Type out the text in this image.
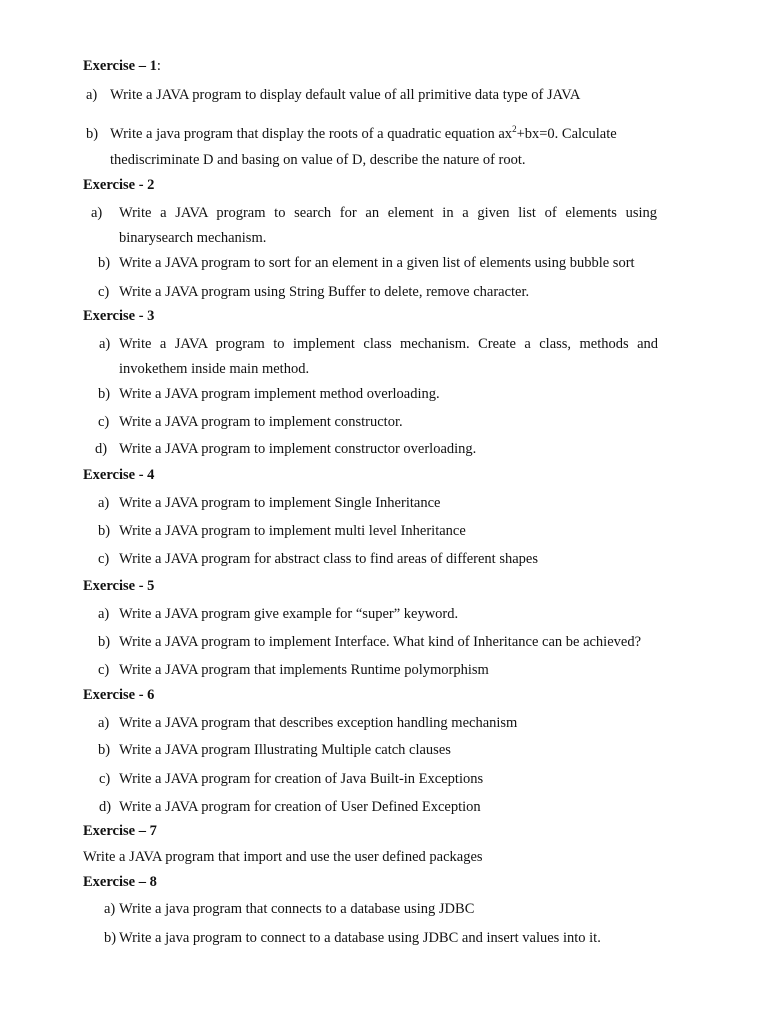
Exercise – 1:
a) Write a JAVA program to display default value of all primitive data type of JAVA
b) Write a java program that display the roots of a quadratic equation $ax^2+bx=0$. Calculate
thediscriminate D and basing on value of D, describe the nature of root.
Exercise - 2
a) Write a JAVA program to search for an element in a given list of elements using
binarysearch mechanism.
b) Write a JAVA program to sort for an element in a given list of elements using bubble sort
c) Write a JAVA program using String Buffer to delete, remove character.
Exercise - 3
a) Write a JAVA program to implement class mechanism. Create a class, methods and
invokethem inside main method.
b) Write a JAVA program implement method overloading.
c) Write a JAVA program to implement constructor.
d) Write a JAVA program to implement constructor overloading.
Exercise - 4
a) Write a JAVA program to implement Single Inheritance
b) Write a JAVA program to implement multi level Inheritance
c) Write a JAVA program for abstract class to find areas of different shapes
Exercise - 5
a) Write a JAVA program give example for “super” keyword.
b) Write a JAVA program to implement Interface. What kind of Inheritance can be achieved?
c) Write a JAVA program that implements Runtime polymorphism
Exercise - 6
a) Write a JAVA program that describes exception handling mechanism
b) Write a JAVA program Illustrating Multiple catch clauses
c) Write a JAVA program for creation of Java Built-in Exceptions
d) Write a JAVA program for creation of User Defined Exception
Exercise – 7
Write a JAVA program that import and use the user defined packages
Exercise – 8
a) Write a java program that connects to a database using JDBC
b) Write a java program to connect to a database using JDBC and insert values into it.
